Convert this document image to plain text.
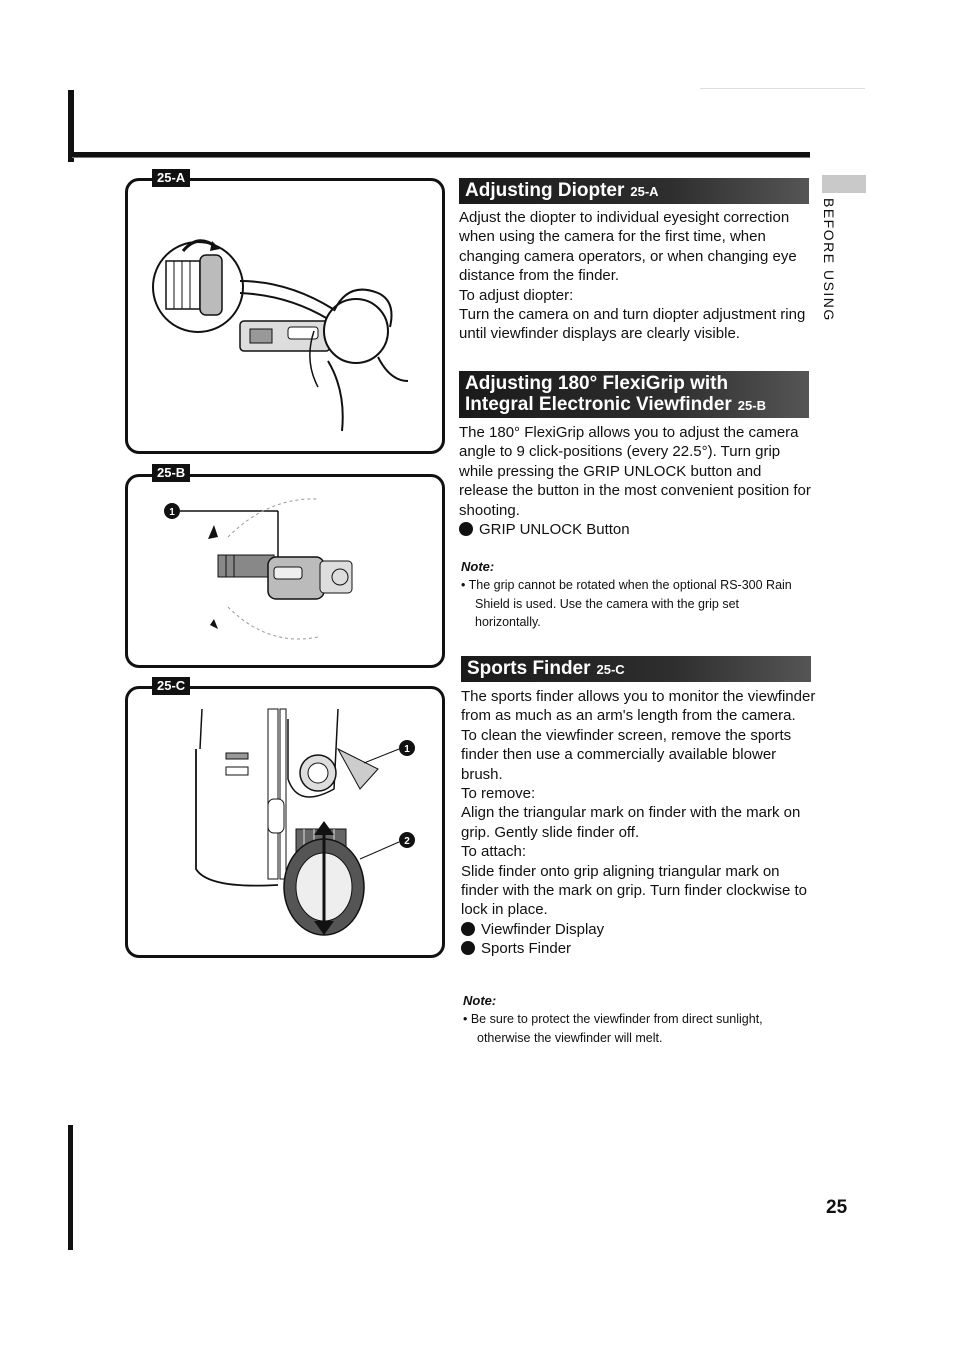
BEFORE USING
25-A
1
25-B
1
2
25-C
Adjusting Diopter 25-A

Adjust the diopter to individual eyesight correction when using the camera for the first time, when changing camera operators, or when changing eye distance from the finder.

To adjust diopter:

Turn the camera on and turn diopter adjustment ring until viewfinder displays are clearly visible.

Adjusting 180° FlexiGrip with
Integral Electronic Viewfinder 25-B

The 180° FlexiGrip allows you to adjust the camera angle to 9 click-positions (every 22.5°). Turn grip while pressing the GRIP UNLOCK button and release the button in the most convenient position for shooting.

GRIP UNLOCK Button

Note:
• The grip cannot be rotated when the optional RS-300 Rain Shield is used. Use the camera with the grip set horizontally.
Sports Finder 25-C

The sports finder allows you to monitor the viewfinder from as much as an arm's length from the camera.

To clean the viewfinder screen, remove the sports finder then use a commercially available blower brush.

To remove:

Align the triangular mark on finder with the mark on grip. Gently slide finder off.

To attach:

Slide finder onto grip aligning triangular mark on finder with the mark on grip. Turn finder clockwise to lock in place.

Viewfinder Display

Sports Finder

Note:
• Be sure to protect the viewfinder from direct sunlight, otherwise the viewfinder will melt.
25
